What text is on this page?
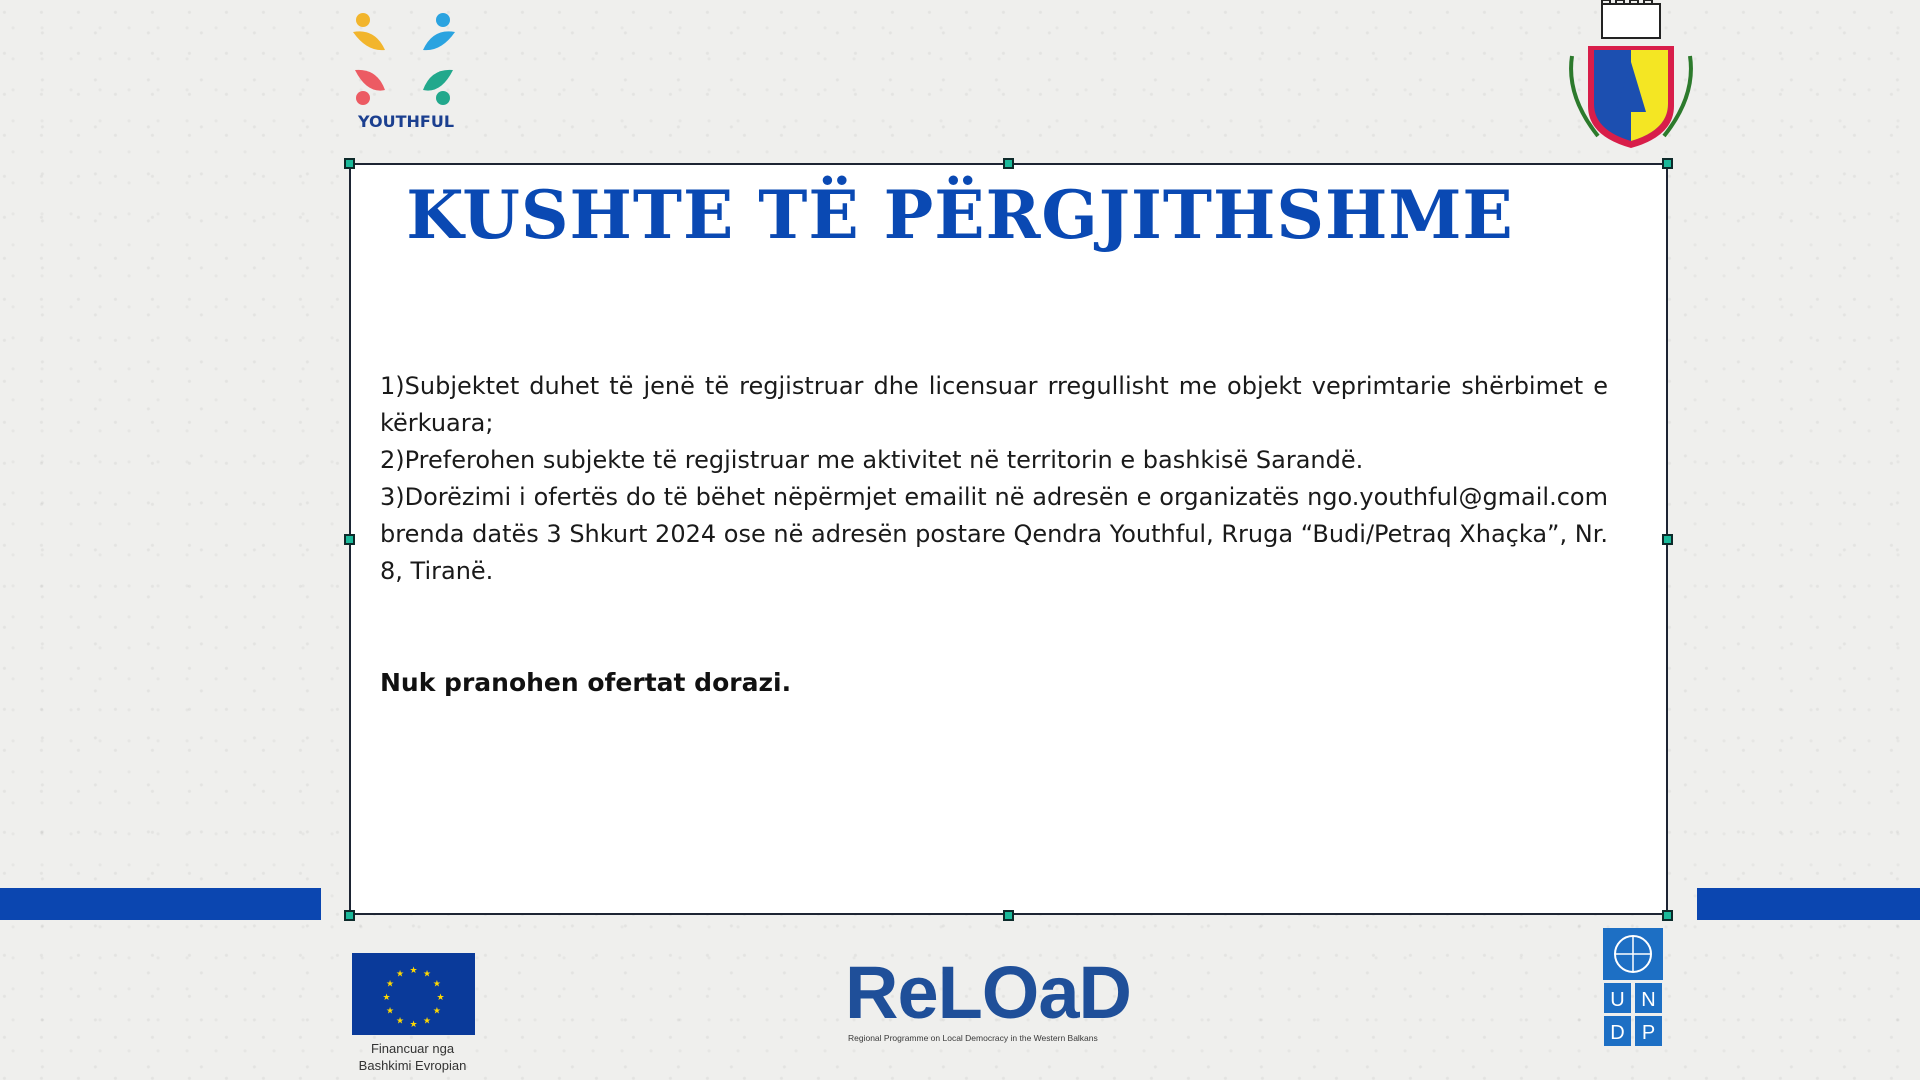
YOUTHFUL
KUSHTE TË PËRGJITHSHME

1)Subjektet duhet të jenë të regjistruar dhe licensuar rregullisht me objekt veprimtarie shërbimet e kërkuara;

2)Preferohen subjekte të regjistruar me aktivitet në territorin e bashkisë Sarandë.

3)Dorëzimi i ofertës do të bëhet nëpërmjet emailit në adresën e organizatës ngo.youthful@gmail.com brenda datës 3 Shkurt 2024 ose në adresën postare Qendra Youthful, Rruga “Budi/Petraq Xhaçka”, Nr. 8, Tiranë.

Nuk pranohen ofertat dorazi.
★ ★
★
★
★
★
★
★
★
★
★
★
Financuar nga
Bashkimi Evropian
ReLOaD
Regional Programme on Local Democracy in the Western Balkans
U N
D P
